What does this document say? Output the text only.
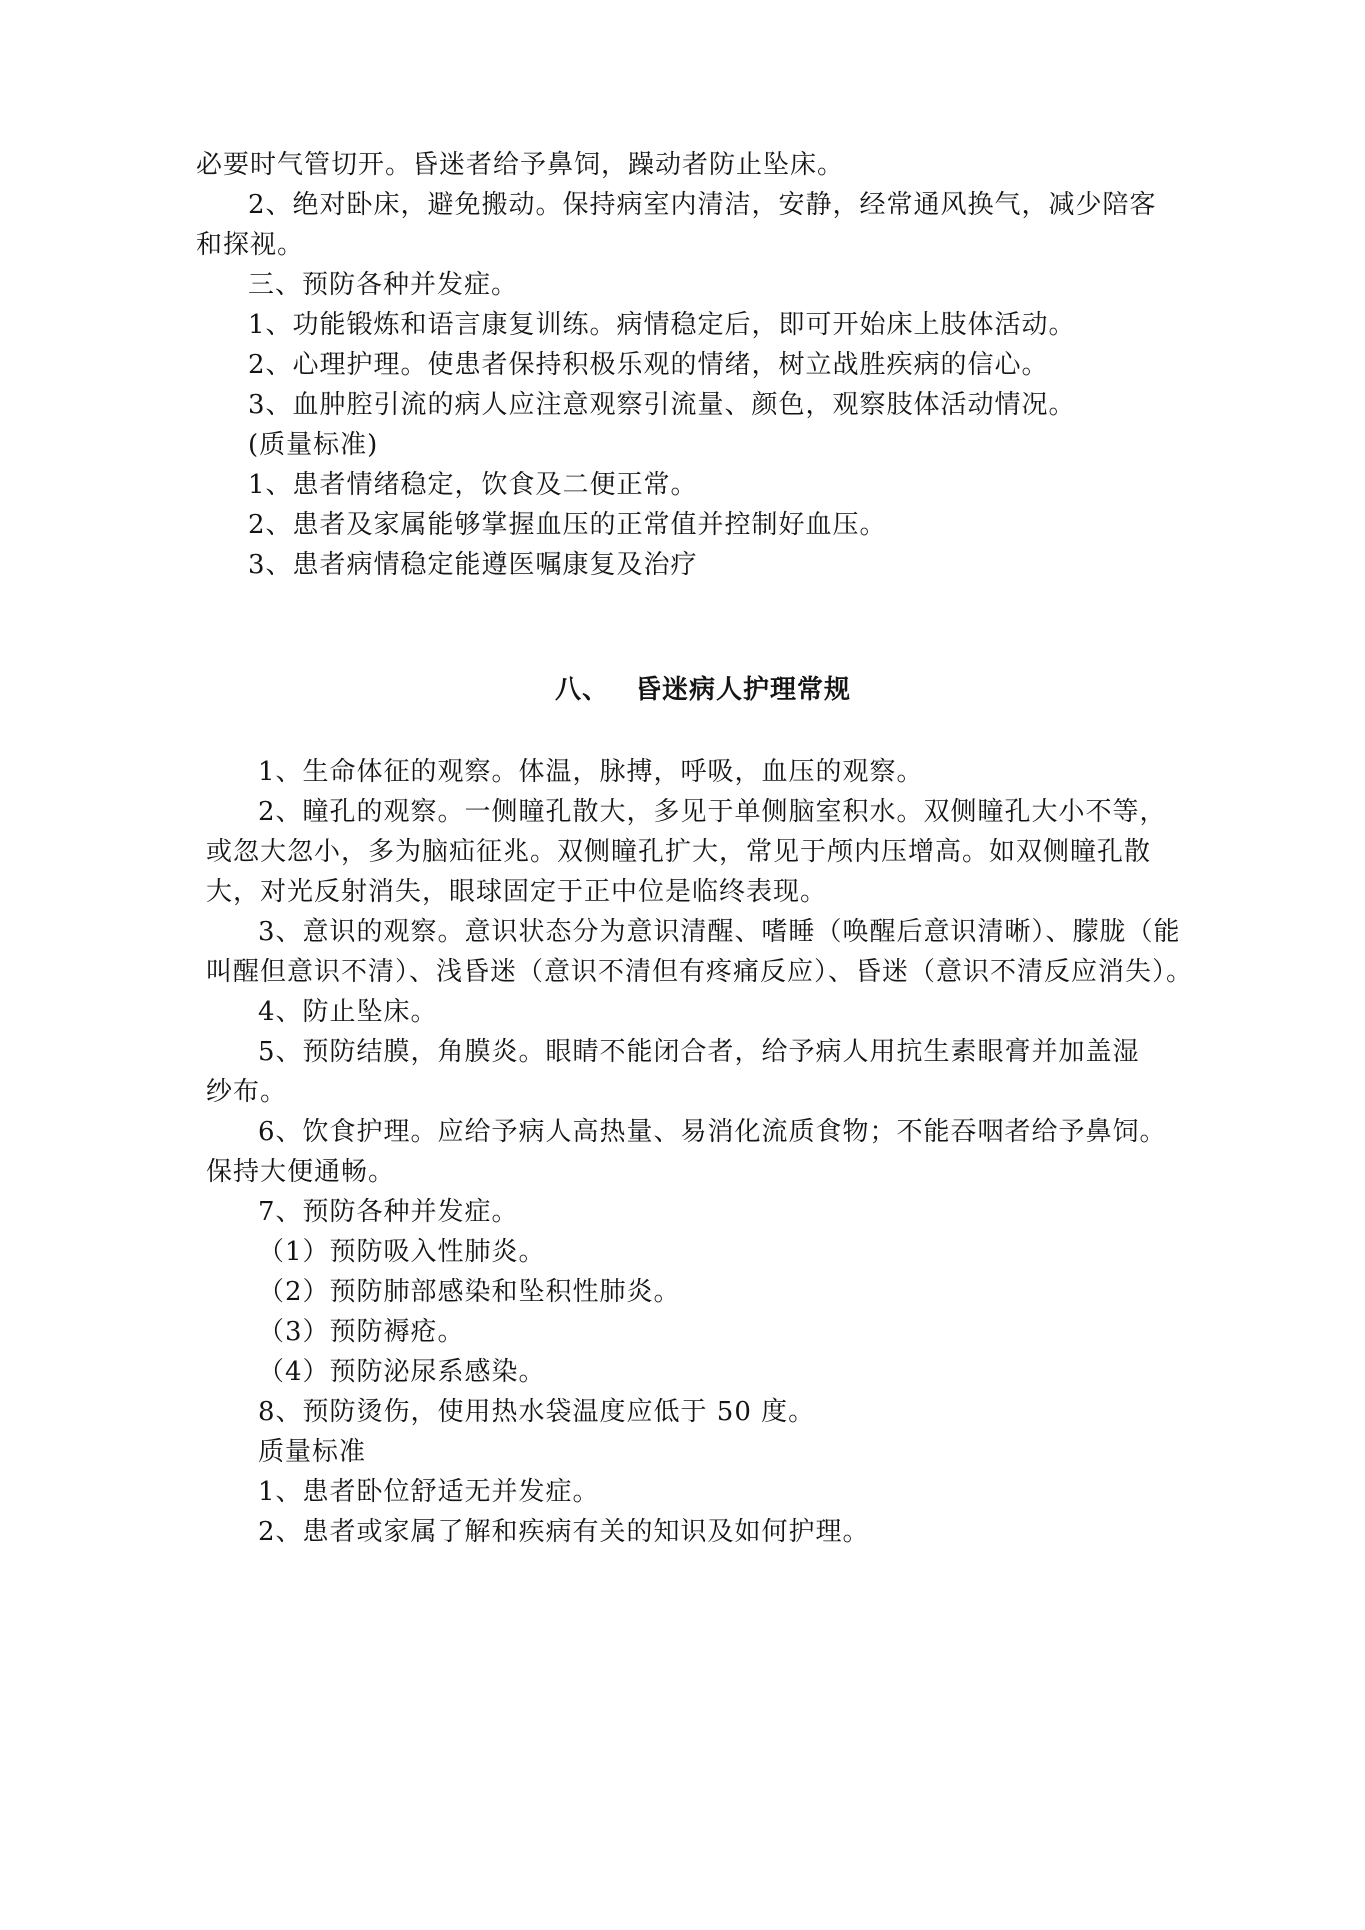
必要时气管切开。昏迷者给予鼻饲，躁动者防止坠床。
2、绝对卧床，避免搬动。保持病室内清洁，安静，经常通风换气，减少陪客
和探视。
三、预防各种并发症。
1、功能锻炼和语言康复训练。病情稳定后，即可开始床上肢体活动。
2、心理护理。使患者保持积极乐观的情绪，树立战胜疾病的信心。
3、血肿腔引流的病人应注意观察引流量、颜色，观察肢体活动情况。
(质量标准)
1、患者情绪稳定，饮食及二便正常。
2、患者及家属能够掌握血压的正常值并控制好血压。
3、患者病情稳定能遵医嘱康复及治疗
八、 昏迷病人护理常规
1、生命体征的观察。体温，脉搏，呼吸，血压的观察。
2、瞳孔的观察。一侧瞳孔散大，多见于单侧脑室积水。双侧瞳孔大小不等，
或忽大忽小，多为脑疝征兆。双侧瞳孔扩大，常见于颅内压增高。如双侧瞳孔散
大，对光反射消失，眼球固定于正中位是临终表现。
3、意识的观察。意识状态分为意识清醒、嗜睡（唤醒后意识清晰）、朦胧（能
叫醒但意识不清）、浅昏迷（意识不清但有疼痛反应）、昏迷（意识不清反应消失）。
4、防止坠床。
5、预防结膜，角膜炎。眼睛不能闭合者，给予病人用抗生素眼膏并加盖湿
纱布。
6、饮食护理。应给予病人高热量、易消化流质食物；不能吞咽者给予鼻饲。
保持大便通畅。
7、预防各种并发症。
（1）预防吸入性肺炎。
（2）预防肺部感染和坠积性肺炎。
（3）预防褥疮。
（4）预防泌尿系感染。
8、预防烫伤，使用热水袋温度应低于 50 度。
质量标准
1、患者卧位舒适无并发症。
2、患者或家属了解和疾病有关的知识及如何护理。
